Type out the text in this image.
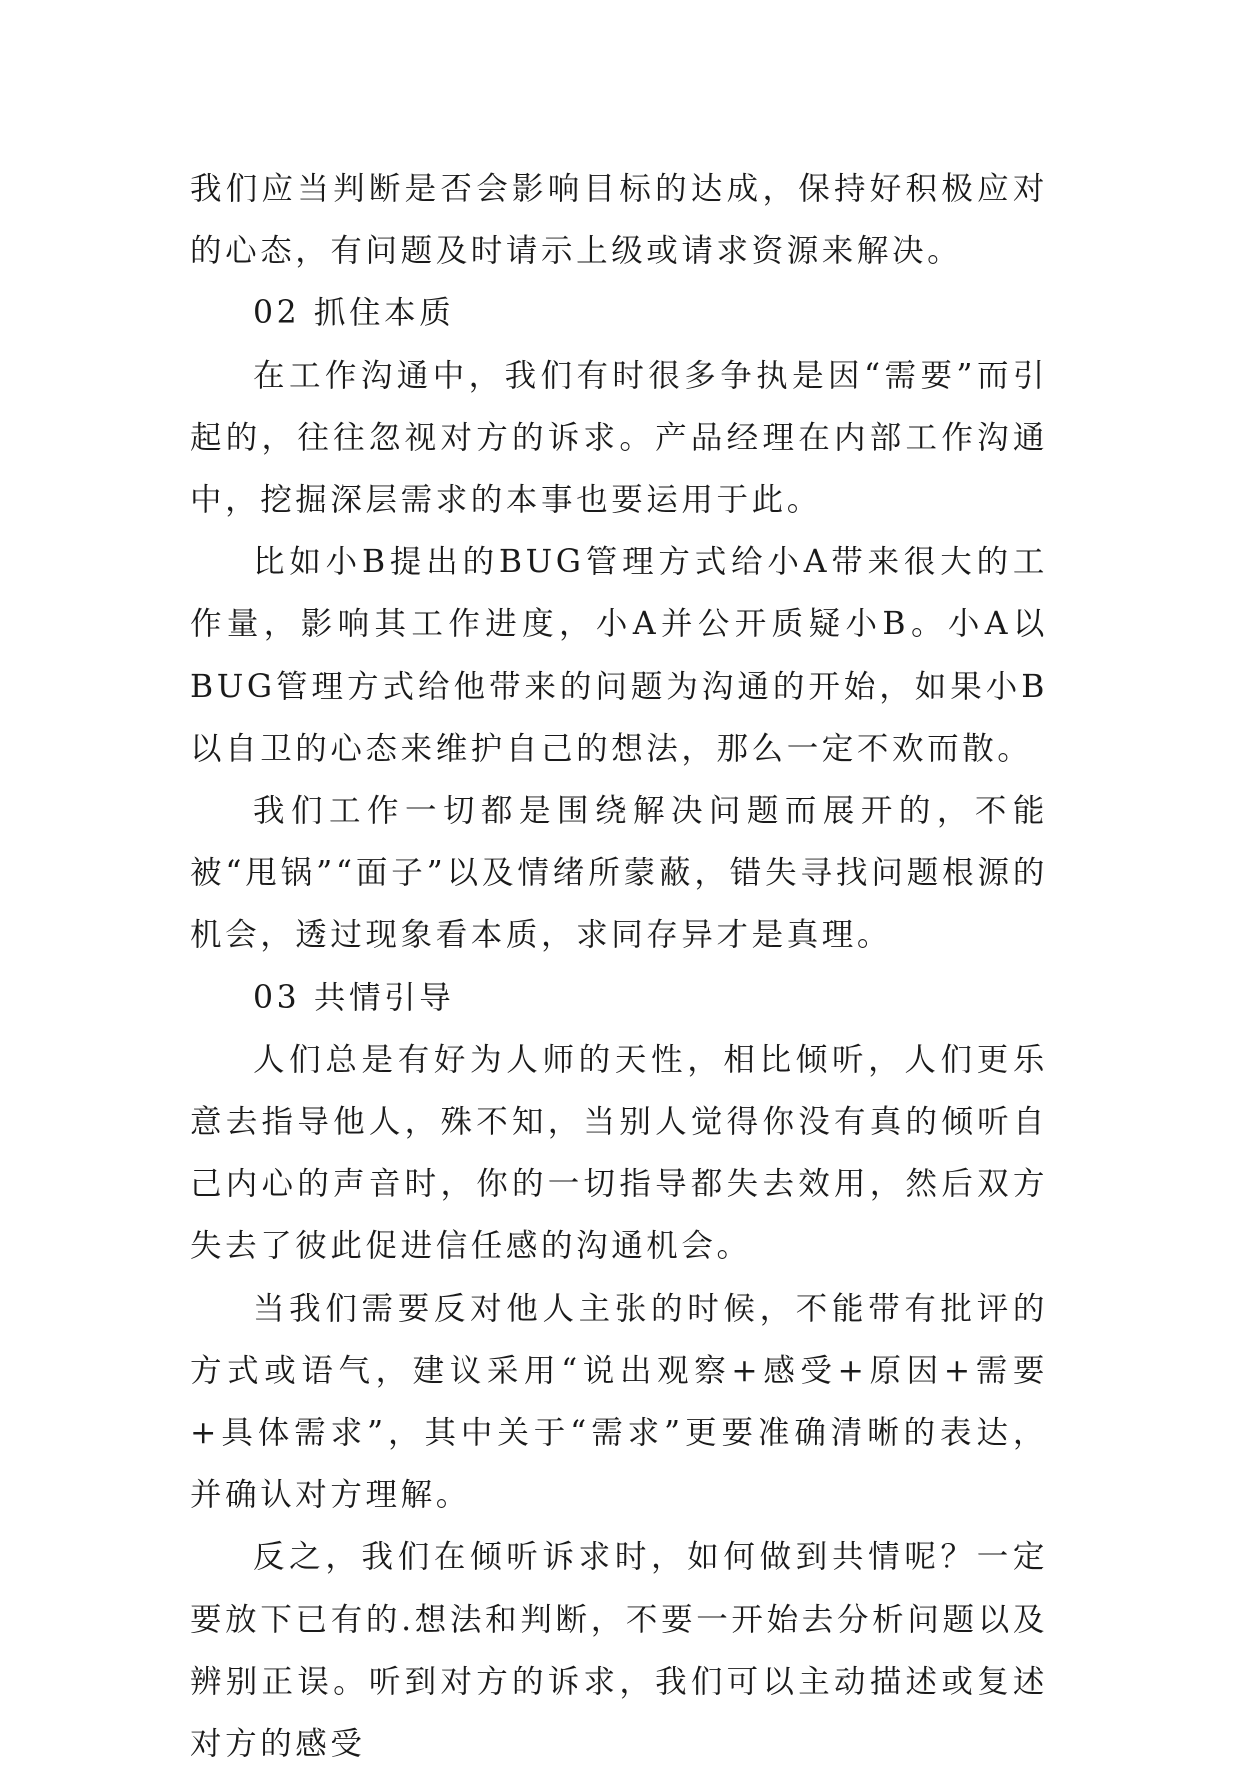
我们应当判断是否会影响目标的达成，保持好积极应对的心态，有问题及时请示上级或请求资源来解决。

02 抓住本质

在工作沟通中，我们有时很多争执是因“需要”而引起的，往往忽视对方的诉求。产品经理在内部工作沟通中，挖掘深层需求的本事也要运用于此。

比如小B提出的BUG管理方式给小A带来很大的工作量，影响其工作进度，小A并公开质疑小B。小A以BUG管理方式给他带来的问题为沟通的开始，如果小B以自卫的心态来维护自己的想法，那么一定不欢而散。

我们工作一切都是围绕解决问题而展开的，不能被“甩锅”“面子”以及情绪所蒙蔽，错失寻找问题根源的机会，透过现象看本质，求同存异才是真理。

03 共情引导

人们总是有好为人师的天性，相比倾听，人们更乐意去指导他人，殊不知，当别人觉得你没有真的倾听自己内心的声音时，你的一切指导都失去效用，然后双方失去了彼此促进信任感的沟通机会。

当我们需要反对他人主张的时候，不能带有批评的方式或语气，建议采用“说出观察+感受+原因+需要+具体需求”，其中关于“需求”更要准确清晰的表达，并确认对方理解。

反之，我们在倾听诉求时，如何做到共情呢？一定要放下已有的.想法和判断，不要一开始去分析问题以及辨别正误。听到对方的诉求，我们可以主动描述或复述对方的感受
